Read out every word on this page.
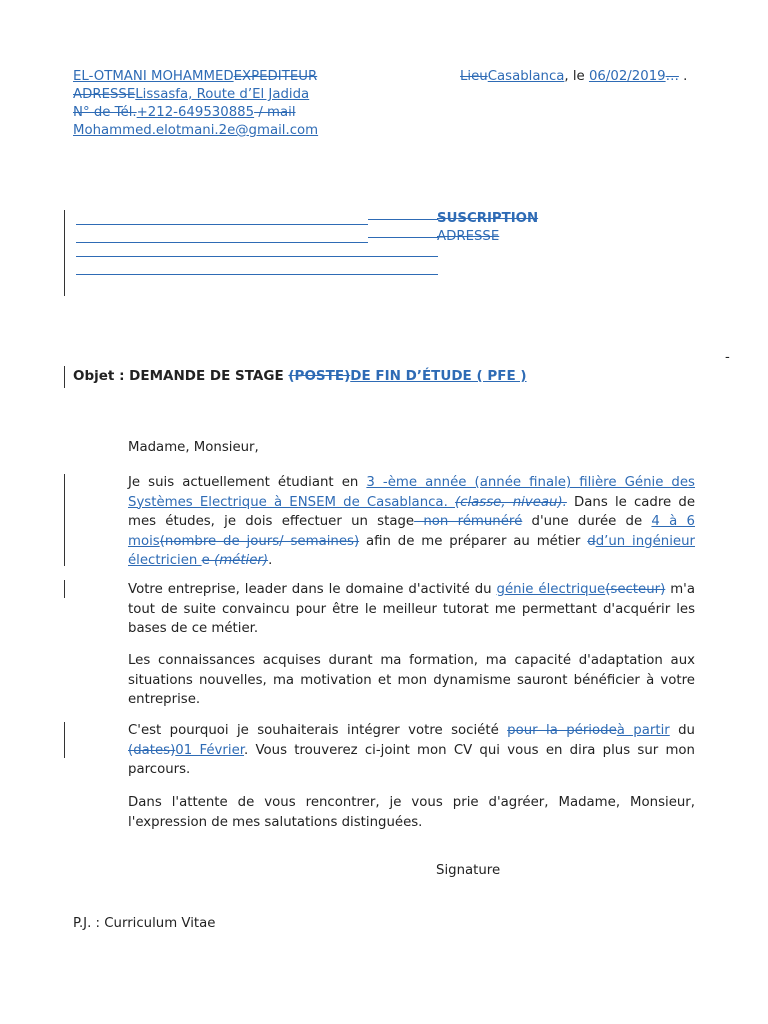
EL-OTMANI MOHAMMEDEXPEDITEUR
ADRESSELissasfa, Route d’El Jadida
N° de Tél.+212-649530885 / mail
Mohammed.elotmani.2e@gmail.com
LieuCasablanca, le 06/02/2019… .
SUSCRIPTION
ADRESSE
-
Objet : DEMANDE DE STAGE (POSTE)DE FIN D’ÉTUDE ( PFE )
Madame, Monsieur,

Je suis actuellement étudiant en 3 -ème année (année finale) filière Génie des Systèmes Electrique à ENSEM de Casablanca. (classe, niveau). Dans le cadre de mes études, je dois effectuer un stage non rémunéré d'une durée de 4 à 6 mois(nombre de jours/ semaines) afin de me préparer au métier dd’un ingénieur électricien e (métier).

Votre entreprise, leader dans le domaine d'activité du génie électrique(secteur) m'a tout de suite convaincu pour être le meilleur tutorat me permettant d'acquérir les bases de ce métier.

Les connaissances acquises durant ma formation, ma capacité d'adaptation aux situations nouvelles, ma motivation et mon dynamisme sauront bénéficier à votre entreprise.

C'est pourquoi je souhaiterais intégrer votre société pour la périodeà partir du (dates)01 Février. Vous trouverez ci-joint mon CV qui vous en dira plus sur mon parcours.

Dans l'attente de vous rencontrer, je vous prie d'agréer, Madame, Monsieur, l'expression de mes salutations distinguées.

Signature
P.J. : Curriculum Vitae
